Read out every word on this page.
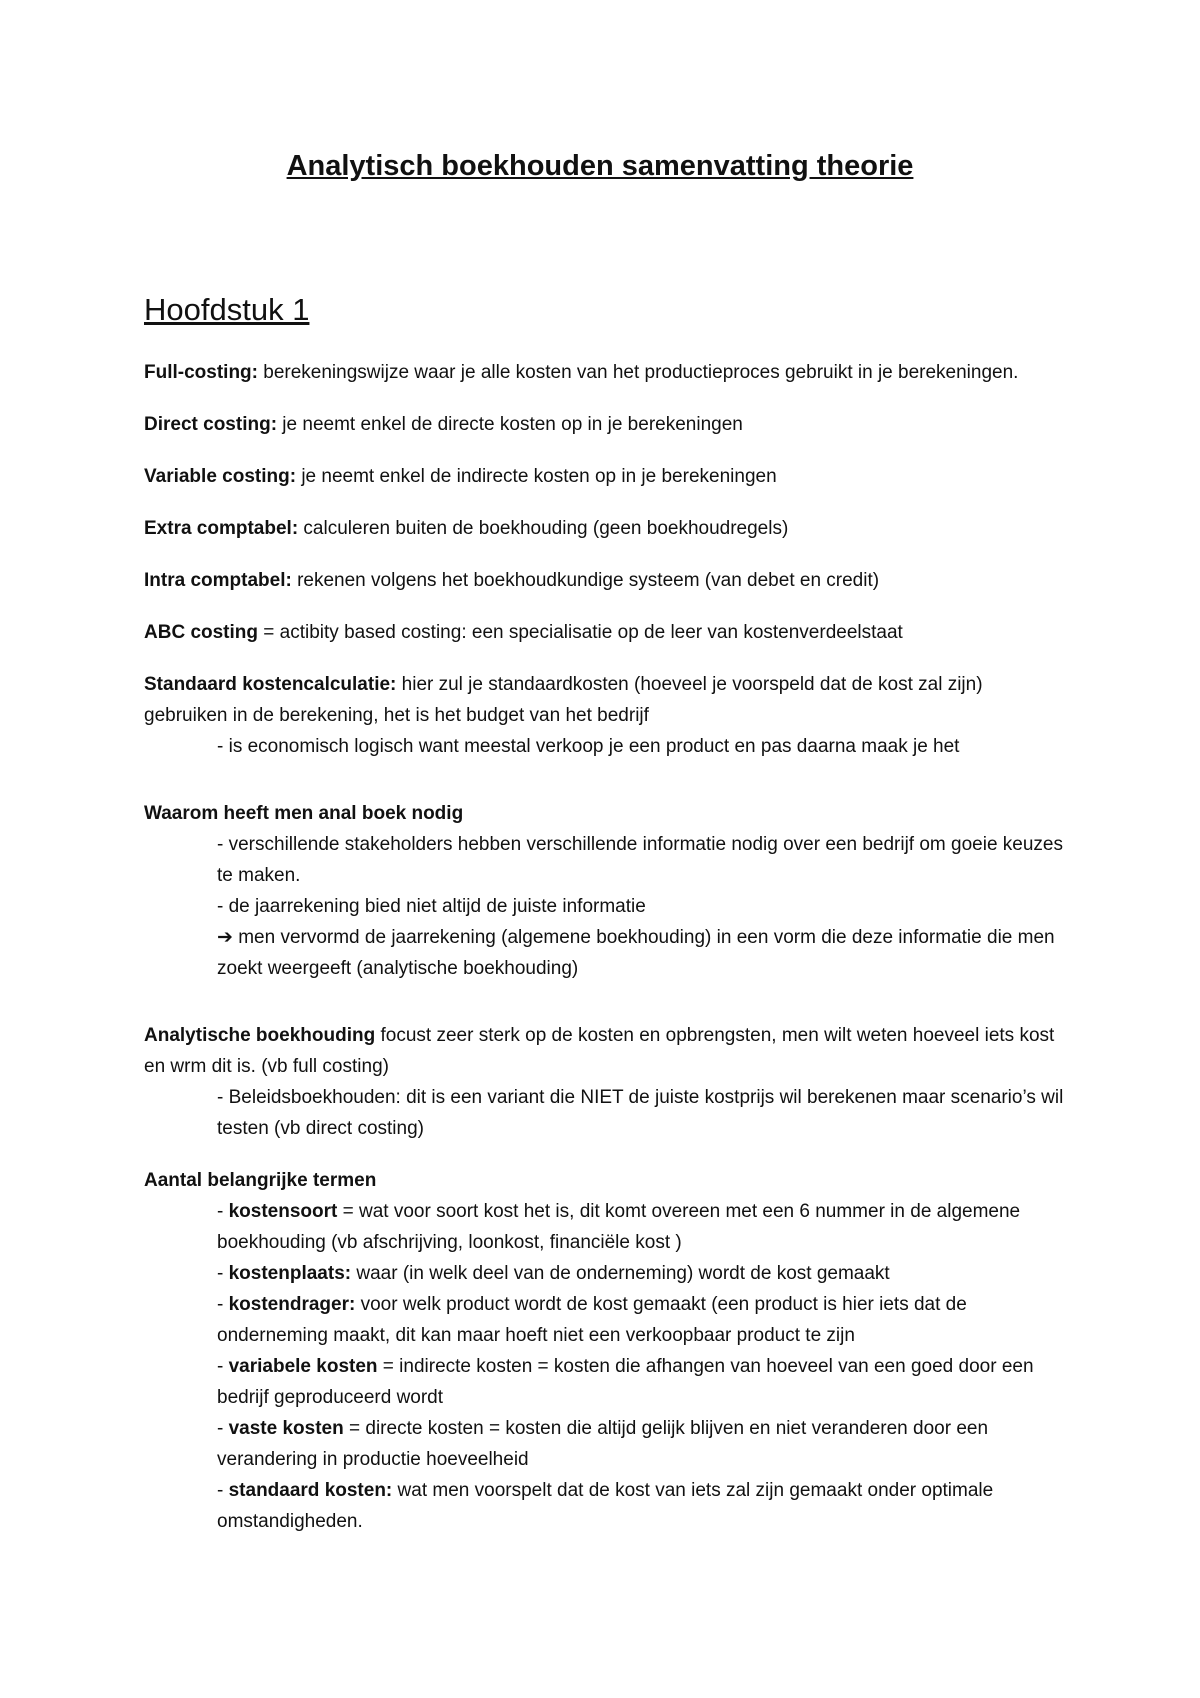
Analytisch boekhouden samenvatting theorie
Hoofdstuk 1

Full-costing: berekeningswijze waar je alle kosten van het productieproces gebruikt in je berekeningen.

Direct costing: je neemt enkel de directe kosten op in je berekeningen

Variable costing: je neemt enkel de indirecte kosten op in je berekeningen

Extra comptabel: calculeren buiten de boekhouding (geen boekhoudregels)

Intra comptabel: rekenen volgens het boekhoudkundige systeem (van debet en credit)

ABC costing = actibity based costing: een specialisatie op de leer van kostenverdeelstaat

Standaard kostencalculatie: hier zul je standaardkosten (hoeveel je voorspeld dat de kost zal zijn) gebruiken in de berekening, het is het budget van het bedrijf

- is economisch logisch want meestal verkoop je een product en pas daarna maak je het

Waarom heeft men anal boek nodig

- verschillende stakeholders hebben verschillende informatie nodig over een bedrijf om goeie keuzes te maken.

- de jaarrekening bied niet altijd de juiste informatie

➔ men vervormd de jaarrekening (algemene boekhouding) in een vorm die deze informatie die men zoekt weergeeft (analytische boekhouding)

Analytische boekhouding focust zeer sterk op de kosten en opbrengsten, men wilt weten hoeveel iets kost en wrm dit is. (vb full costing)

- Beleidsboekhouden: dit is een variant die NIET de juiste kostprijs wil berekenen maar scenario’s wil testen (vb direct costing)

Aantal belangrijke termen

- kostensoort = wat voor soort kost het is, dit komt overeen met een 6 nummer in de algemene boekhouding (vb afschrijving, loonkost, financiële kost )

- kostenplaats: waar (in welk deel van de onderneming) wordt de kost gemaakt

- kostendrager: voor welk product wordt de kost gemaakt (een product is hier iets dat de onderneming maakt, dit kan maar hoeft niet een verkoopbaar product te zijn

- variabele kosten = indirecte kosten = kosten die afhangen van hoeveel van een goed door een bedrijf geproduceerd wordt

- vaste kosten = directe kosten = kosten die altijd gelijk blijven en niet veranderen door een verandering in productie hoeveelheid

- standaard kosten: wat men voorspelt dat de kost van iets zal zijn gemaakt onder optimale omstandigheden.
